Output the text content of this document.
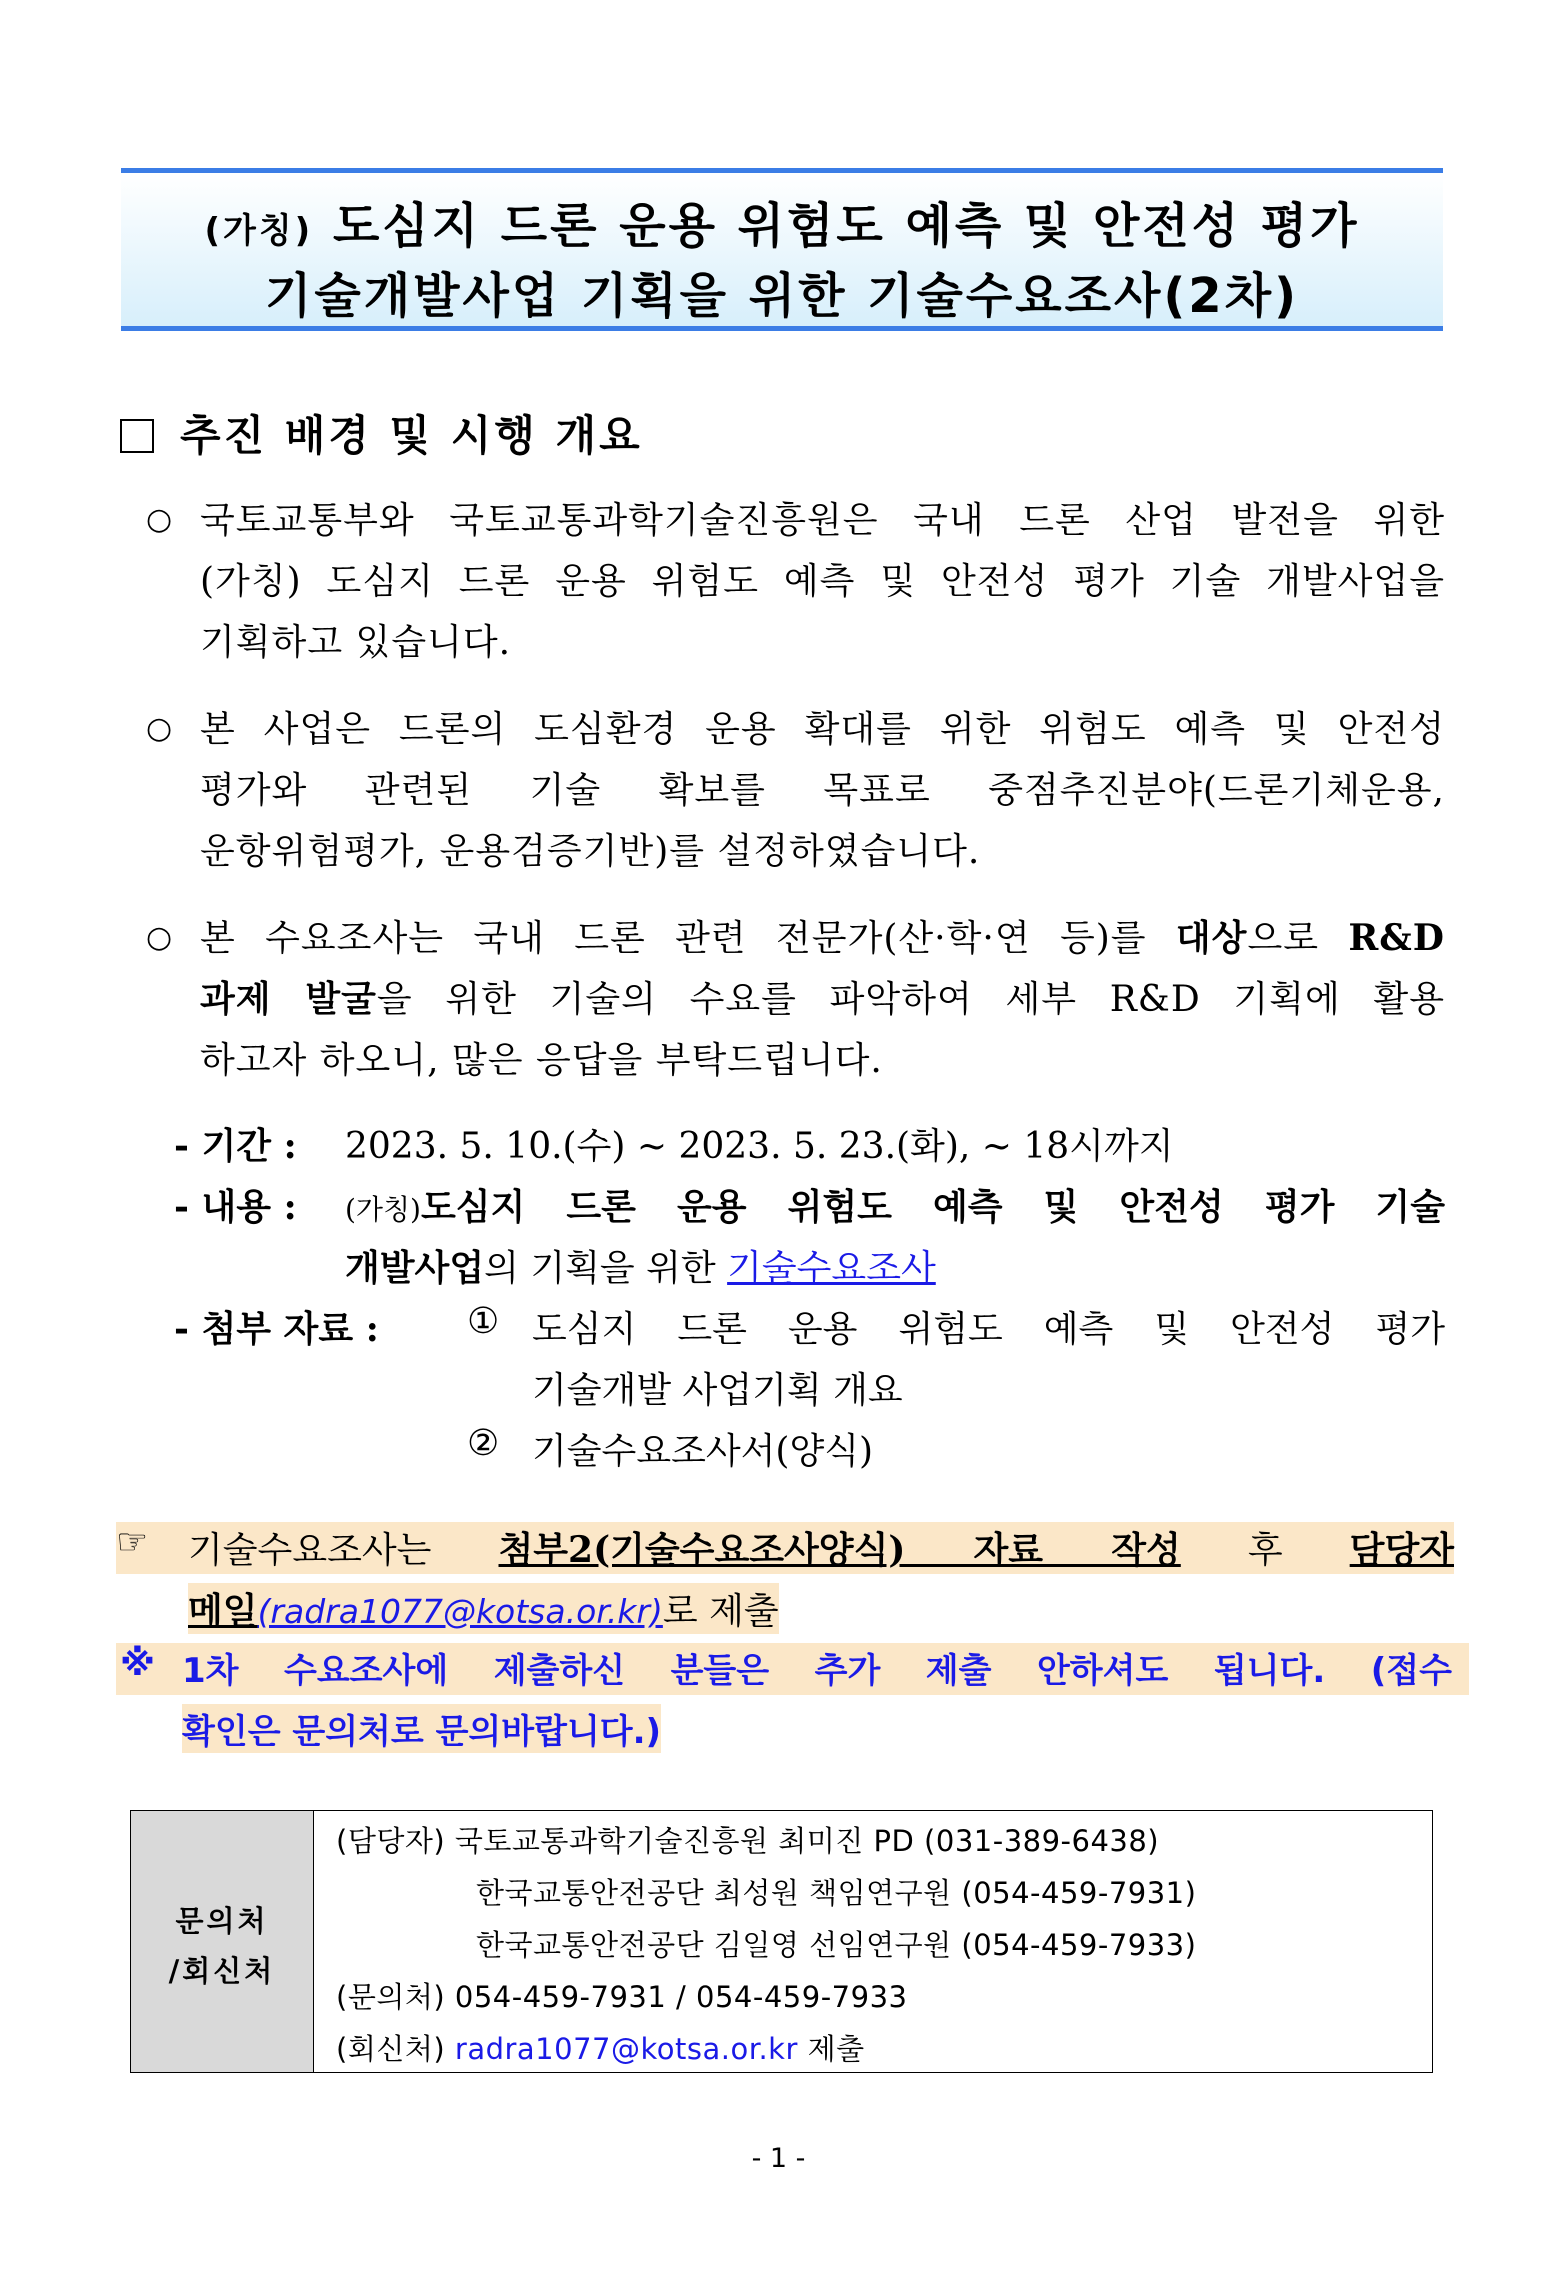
(가칭) 도심지 드론 운용 위험도 예측 및 안전성 평가
기술개발사업 기획을 위한 기술수요조사(2차)
추진 배경 및 시행 개요
○ 국토교통부와 국토교통과학기술진흥원은 국내 드론 산업 발전을 위한
(가칭) 도심지 드론 운용 위험도 예측 및 안전성 평가 기술 개발사업을
기획하고 있습니다.
○ 본 사업은 드론의 도심환경 운용 확대를 위한 위험도 예측 및 안전성
평가와 관련된 기술 확보를 목표로 중점추진분야(드론기체운용,
운항위험평가, 운용검증기반)를 설정하였습니다.
○ 본 수요조사는 국내 드론 관련 전문가(산·학·연 등)를 대상으로 R&D
과제 발굴을 위한 기술의 수요를 파악하여 세부 R&D 기획에 활용
하고자 하오니, 많은 응답을 부탁드립니다.
- 기간 : 2023. 5. 10.(수) ~ 2023. 5. 23.(화), ~ 18시까지
- 내용 : (가칭)도심지 드론 운용 위험도 예측 및 안전성 평가 기술
개발사업의 기획을 위한 기술수요조사
- 첨부 자료 : ① 도심지 드론 운용 위험도 예측 및 안전성 평가
기술개발 사업기획 개요
② 기술수요조사서(양식)
☞ 기술수요조사는 첨부2(기술수요조사양식) 자료 작성 후 담당자
메일(radra1077@kotsa.or.kr)로 제출
※ 1차 수요조사에 제출하신 분들은 추가 제출 안하셔도 됩니다. (접수
확인은 문의처로 문의바랍니다.)
문의처
/회신처
(담당자) 국토교통과학기술진흥원 최미진 PD (031-389-6438)
한국교통안전공단 최성원 책임연구원 (054-459-7931)
한국교통안전공단 김일영 선임연구원 (054-459-7933)
(문의처) 054-459-7931 / 054-459-7933
(회신처) radra1077@kotsa.or.kr 제출
- 1 -
